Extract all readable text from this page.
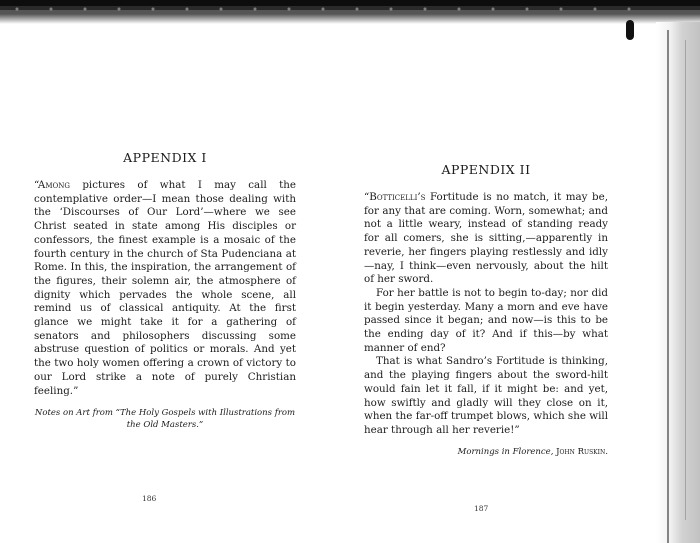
APPENDIX I

“Among pictures of what I may call the contemplative order—I mean those dealing with the ‘Discourses of Our Lord’—where we see Christ seated in state among His disciples or confessors, the finest example is a mosaic of the fourth century in the church of Sta Pudenciana at Rome. In this, the inspiration, the arrangement of the figures, their solemn air, the atmosphere of dignity which pervades the whole scene, all remind us of classical antiquity. At the first glance we might take it for a gathering of senators and philosophers discussing some abstruse question of politics or morals. And yet the two holy women offering a crown of victory to our Lord strike a note of purely Christian feeling.”

Notes on Art from “The Holy Gospels with Illustrations from the Old Masters.”
APPENDIX II

“Botticelli’s Fortitude is no match, it may be, for any that are coming. Worn, somewhat; and not a little weary, instead of standing ready for all comers, she is sitting,—apparently in reverie, her fingers playing restlessly and idly—nay, I think—even nervously, about the hilt of her sword.

For her battle is not to begin to-day; nor did it begin yesterday. Many a morn and eve have passed since it began; and now—is this to be the ending day of it? And if this—by what manner of end?

That is what Sandro’s Fortitude is thinking, and the playing fingers about the sword-hilt would fain let it fall, if it might be: and yet, how swiftly and gladly will they close on it, when the far-off trumpet blows, which she will hear through all her reverie!”

Mornings in Florence, John Ruskin.
186
187
